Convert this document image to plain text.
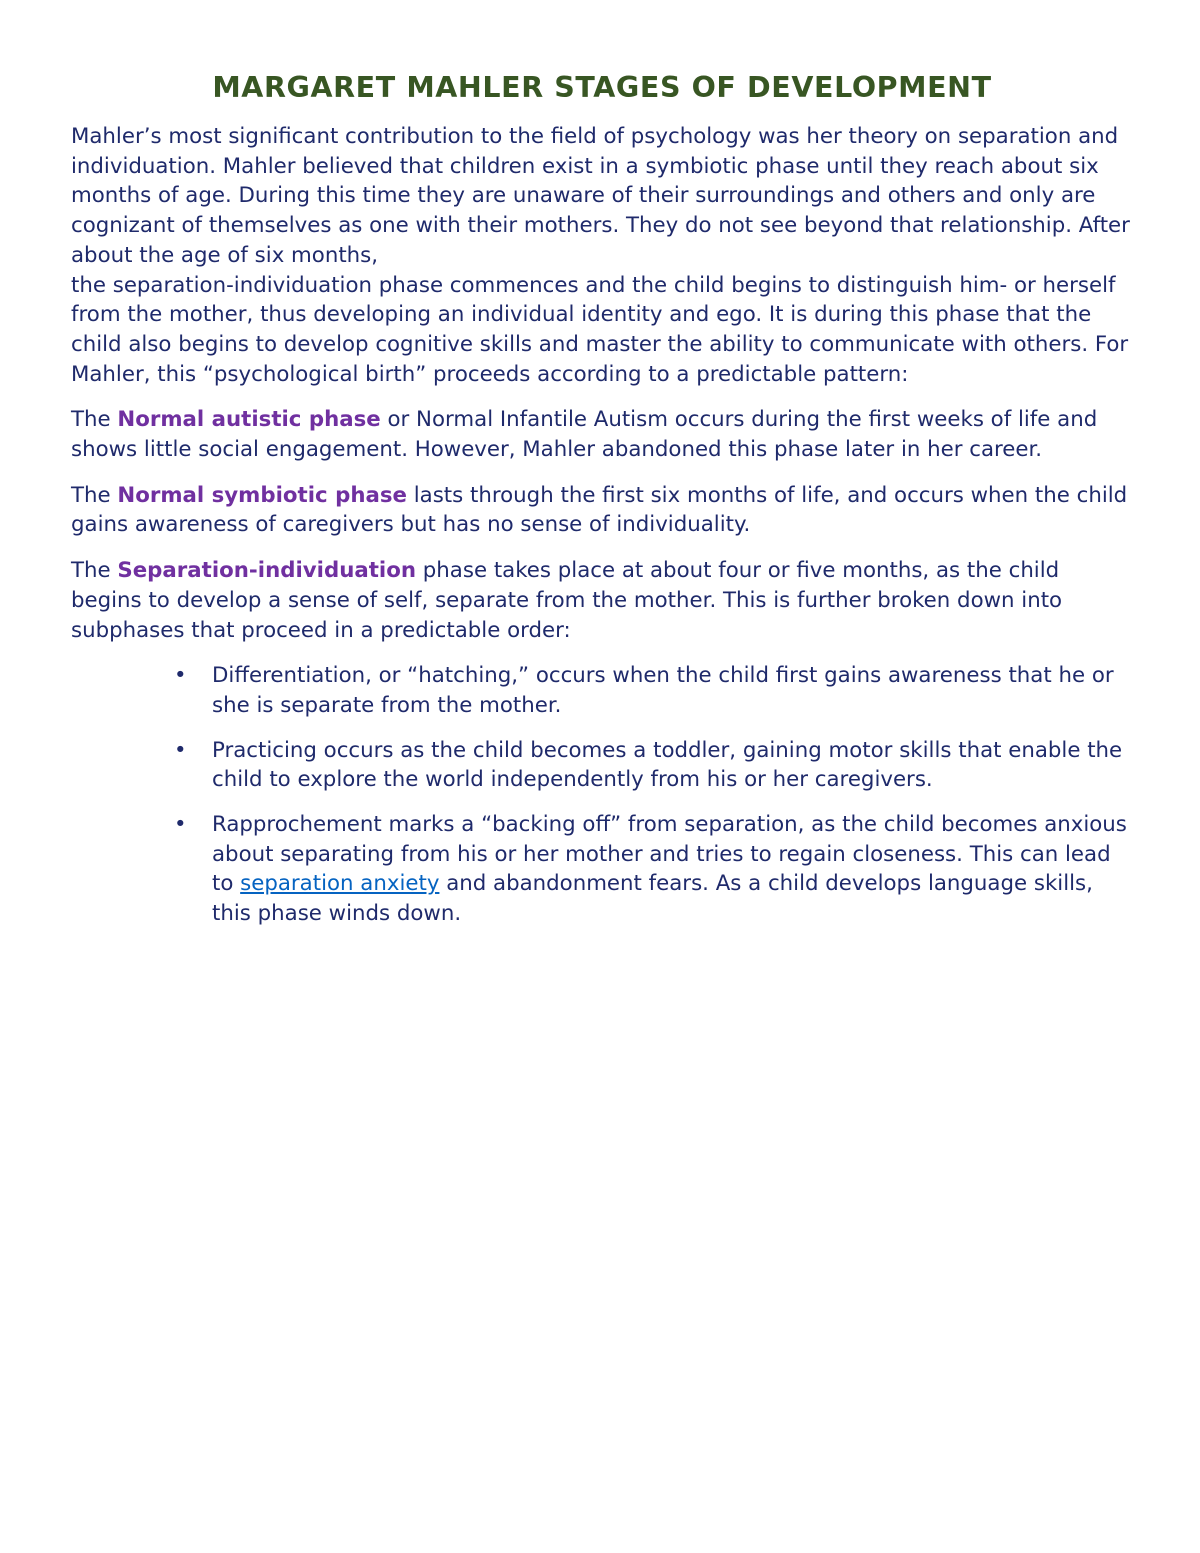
MARGARET MAHLER STAGES OF DEVELOPMENT

Mahler’s most significant contribution to the field of psychology was her theory on separation and individuation. Mahler believed that children exist in a symbiotic phase until they reach about six months of age. During this time they are unaware of their surroundings and others and only are cognizant of themselves as one with their mothers. They do not see beyond that relationship. After about the age of six months,
the separation-individuation phase commences and the child begins to distinguish him- or herself from the mother, thus developing an individual identity and ego. It is during this phase that the child also begins to develop cognitive skills and master the ability to communicate with others. For Mahler, this “psychological birth” proceeds according to a predictable pattern:

The Normal autistic phase or Normal Infantile Autism occurs during the first weeks of life and shows little social engagement. However, Mahler abandoned this phase later in her career.

The Normal symbiotic phase lasts through the first six months of life, and occurs when the child gains awareness of caregivers but has no sense of individuality.

The Separation-individuation phase takes place at about four or five months, as the child begins to develop a sense of self, separate from the mother. This is further broken down into subphases that proceed in a predictable order:

• Differentiation, or “hatching,” occurs when the child first gains awareness that he or she is separate from the mother.
• Practicing occurs as the child becomes a toddler, gaining motor skills that enable the child to explore the world independently from his or her caregivers.
• Rapprochement marks a “backing off” from separation, as the child becomes anxious about separating from his or her mother and tries to regain closeness. This can lead to separation anxiety and abandonment fears. As a child develops language skills, this phase winds down.
